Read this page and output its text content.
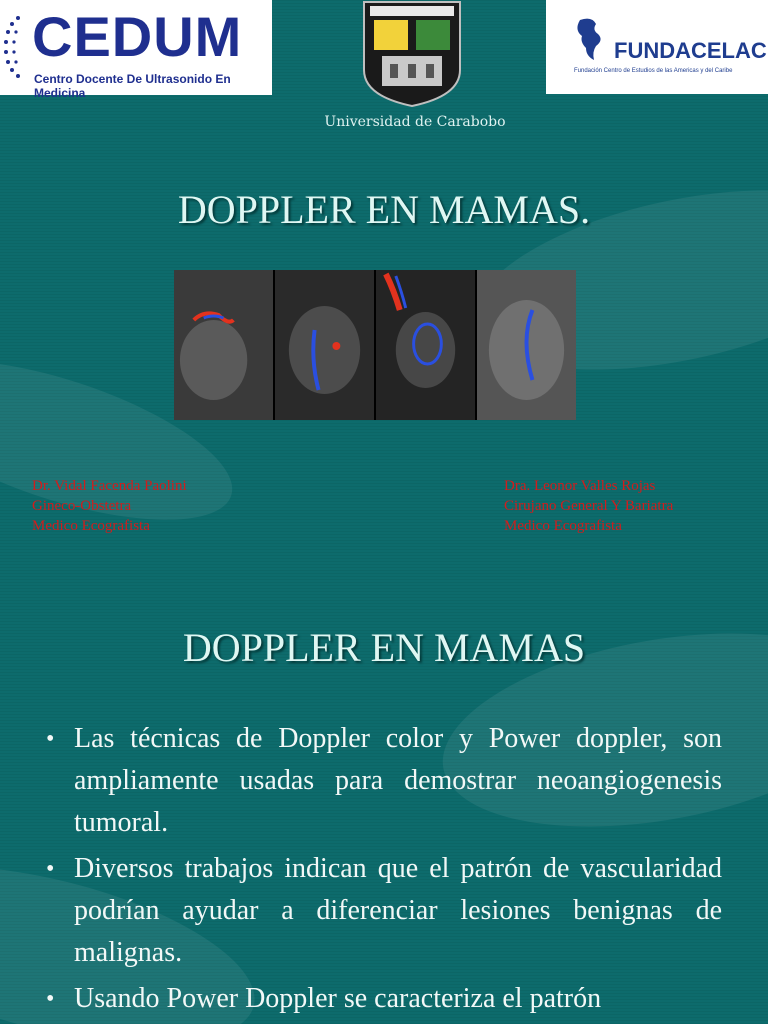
CEDUM
Centro Docente De Ultrasonido En Medicina
FUNDACELAC
Fundación Centro de Estudios de las Americas y del Caribe
Universidad de Carabobo
DOPPLER EN MAMAS.
Dr. Vidal Facenda Paolini
Gineco-Obstetra
Medico Ecografista
Dra. Leonor Valles Rojas
Cirujano General Y Bariatra
Medico Ecografista
DOPPLER EN MAMAS
• Las técnicas de Doppler color y Power doppler, son ampliamente usadas para demostrar neoangiogenesis tumoral.
• Diversos trabajos indican que el patrón de vascularidad podrían ayudar a diferenciar lesiones benignas de malignas.
• Usando Power Doppler se caracteriza el patrón
